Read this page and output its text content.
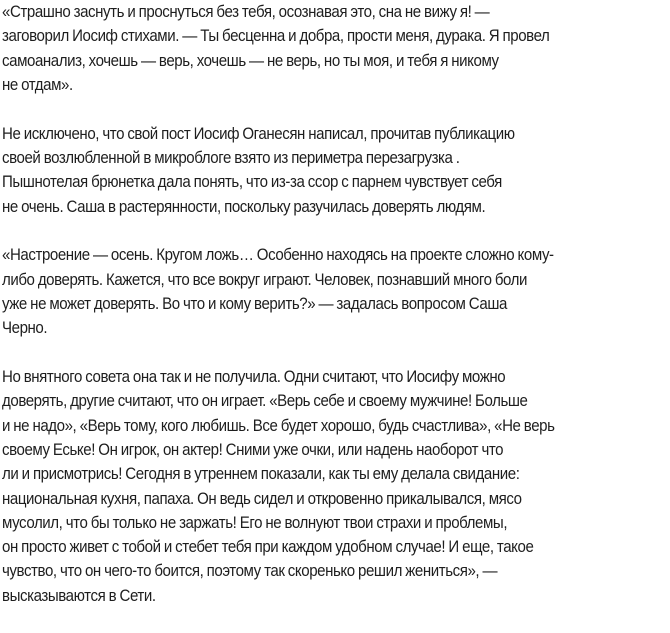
«Страшно заснуть и проснуться без тебя, осознавая это, сна не вижу я! —
заговорил Иосиф стихами. — Ты бесценна и добра, прости меня, дурака. Я провел
самоанализ, хочешь — верь, хочешь — не верь, но ты моя, и тебя я никому
не отдам».

Не исключено, что свой пост Иосиф Оганесян написал, прочитав публикацию
своей возлюбленной в микроблоге взято из периметра перезагрузка .
Пышнотелая брюнетка дала понять, что из-за ссор с парнем чувствует себя
не очень. Саша в растерянности, поскольку разучилась доверять людям.

«Настроение — осень. Кругом ложь… Особенно находясь на проекте сложно кому-
либо доверять. Кажется, что все вокруг играют. Человек, познавший много боли
уже не может доверять. Во что и кому верить?» — задалась вопросом Саша
Черно.

Но внятного совета она так и не получила. Одни считают, что Иосифу можно
доверять, другие считают, что он играет. «Верь себе и своему мужчине! Больше
и не надо», «Верь тому, кого любишь. Все будет хорошо, будь счастлива», «Не верь
своему Еське! Он игрок, он актер! Сними уже очки, или надень наоборот что
ли и присмотрись! Сегодня в утреннем показали, как ты ему делала свидание:
национальная кухня, папаха. Он ведь сидел и откровенно прикалывался, мясо
мусолил, что бы только не заржать! Его не волнуют твои страхи и проблемы,
он просто живет с тобой и стебет тебя при каждом удобном случае! И еще, такое
чувство, что он чего-то боится, поэтому так скоренько решил жениться», —
высказываются в Сети.
